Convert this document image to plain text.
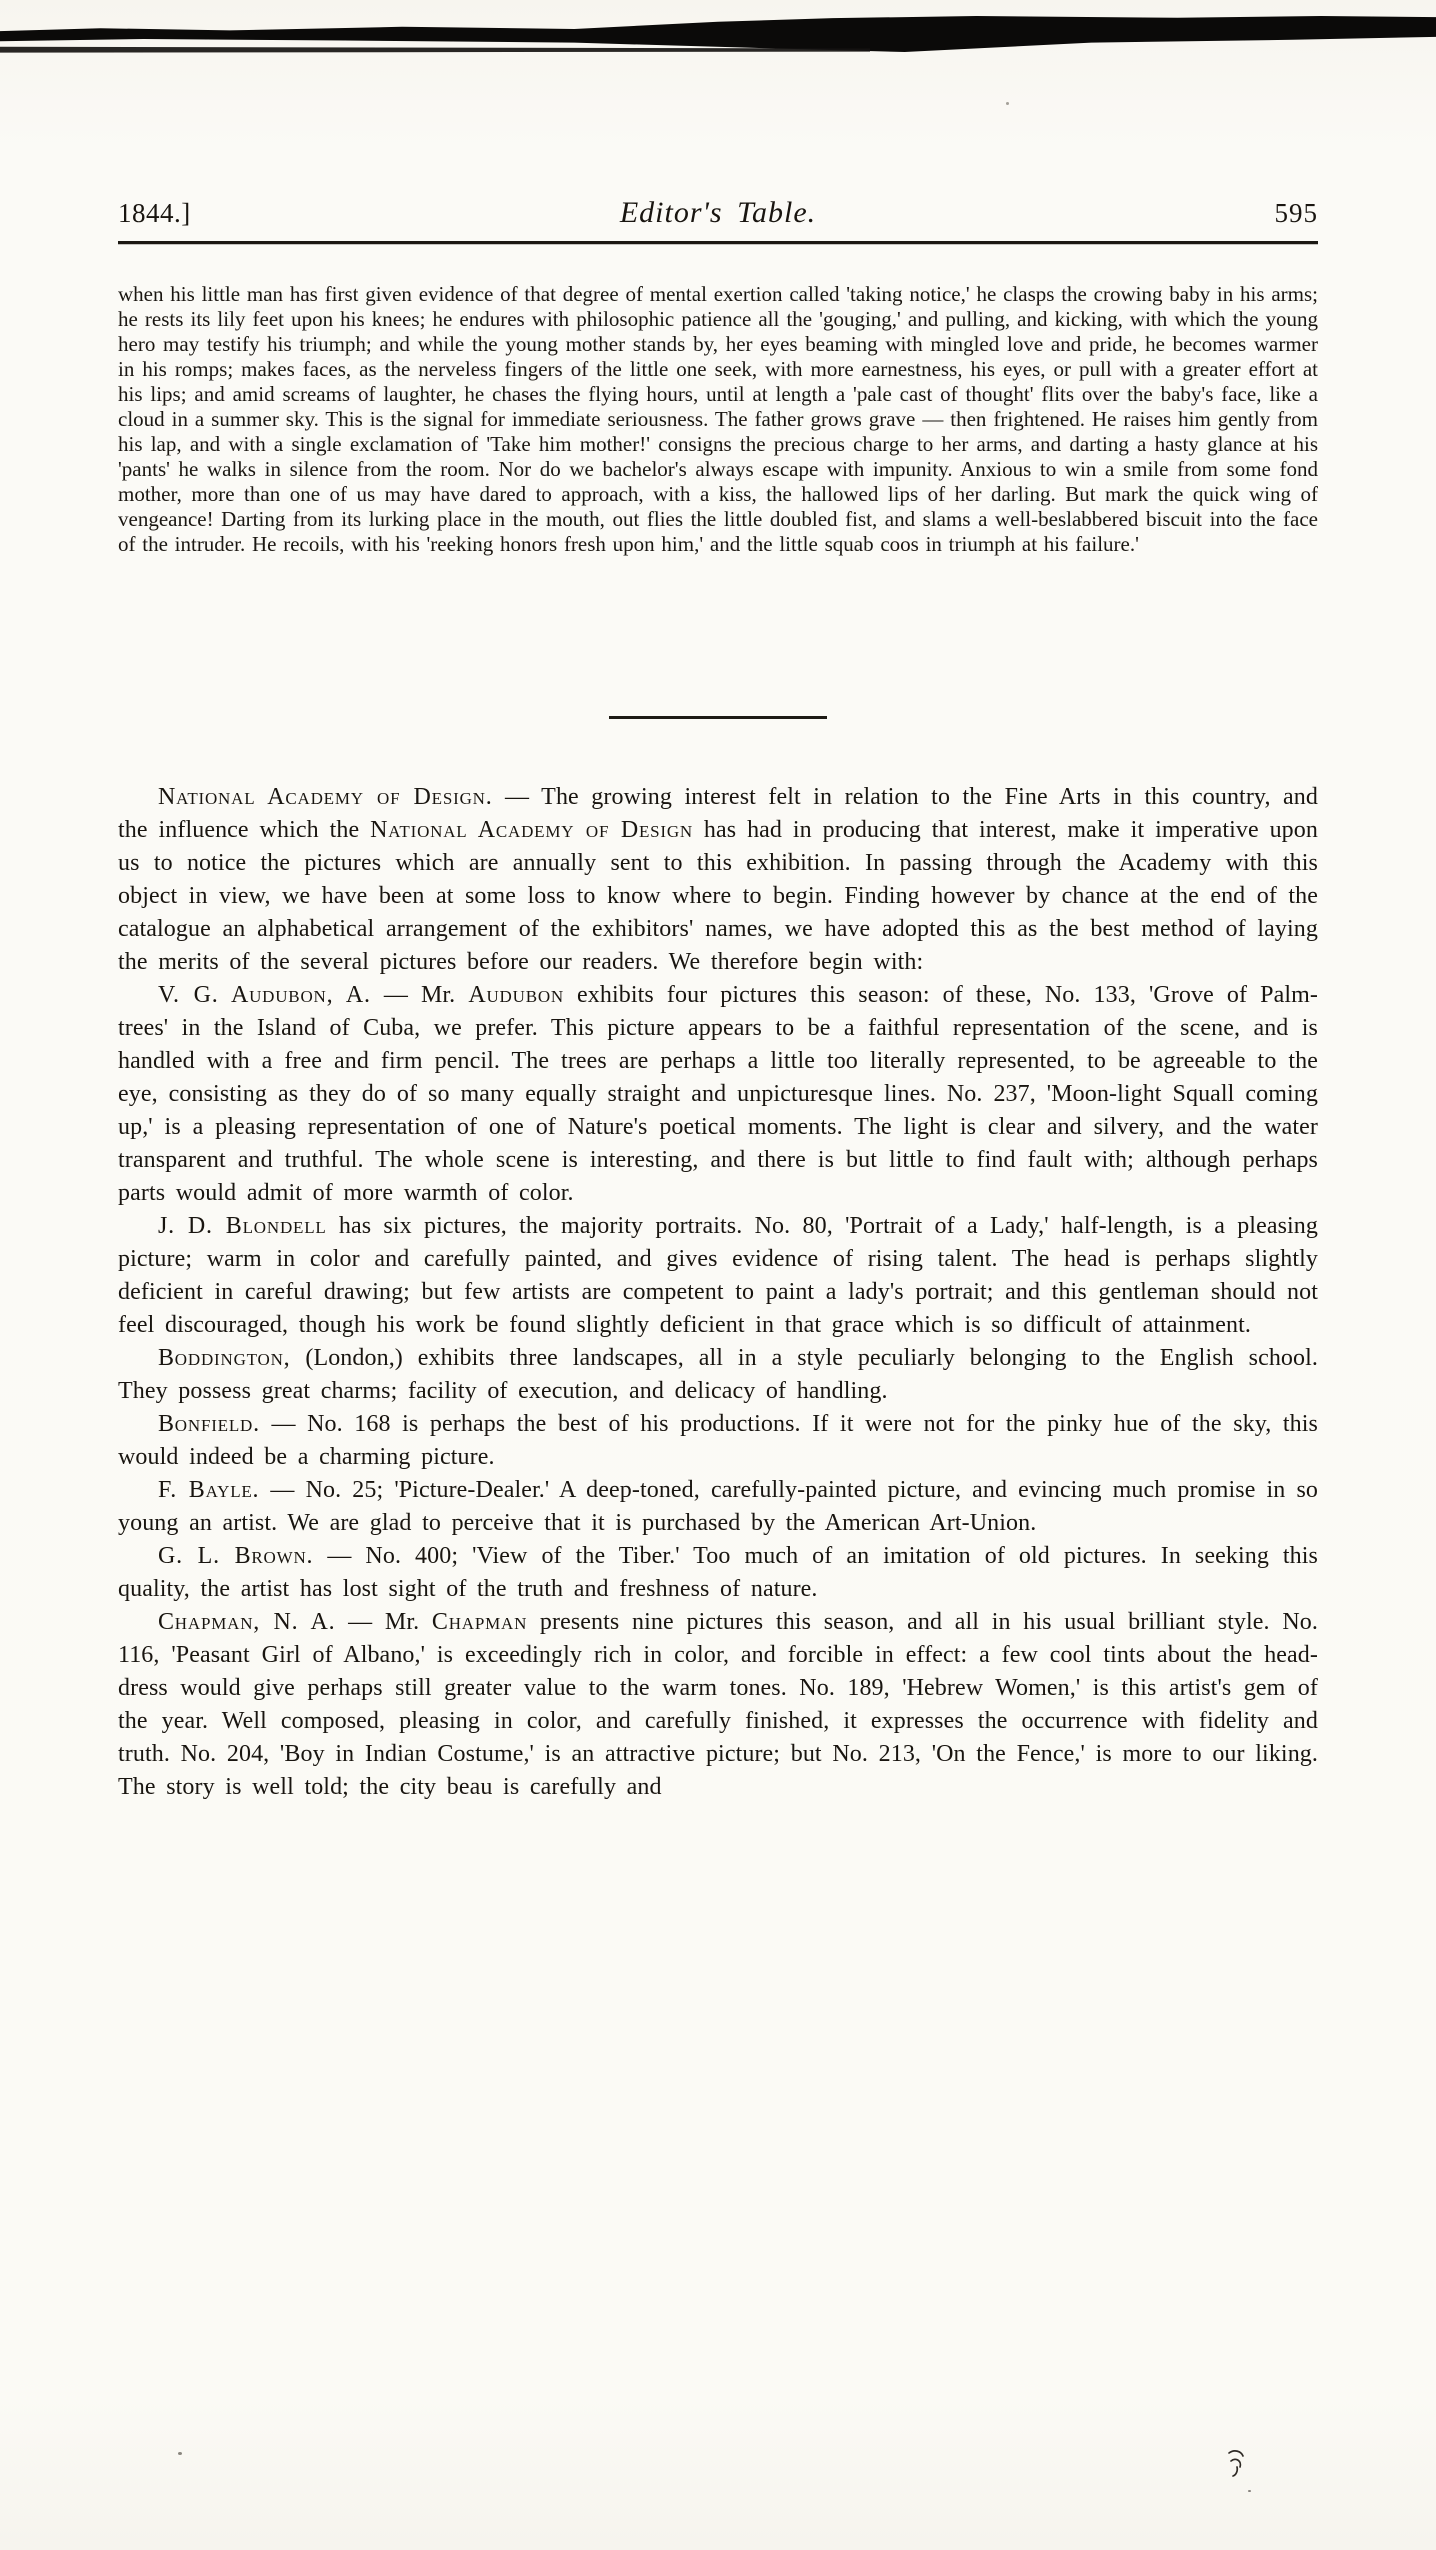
1844.]	Editor's Table.	595
when his little man has first given evidence of that degree of mental exertion called 'taking notice,' he clasps the crowing baby in his arms; he rests its lily feet upon his knees; he endures with philosophic patience all the 'gouging,' and pulling, and kicking, with which the young hero may testify his triumph; and while the young mother stands by, her eyes beaming with mingled love and pride, he becomes warmer in his romps; makes faces, as the nerveless fingers of the little one seek, with more earnestness, his eyes, or pull with a greater effort at his lips; and amid screams of laughter, he chases the flying hours, until at length a 'pale cast of thought' flits over the baby's face, like a cloud in a summer sky. This is the signal for immediate seriousness. The father grows grave — then frightened. He raises him gently from his lap, and with a single exclamation of 'Take him mother!' consigns the precious charge to her arms, and darting a hasty glance at his 'pants' he walks in silence from the room. Nor do we bachelor's always escape with impunity. Anxious to win a smile from some fond mother, more than one of us may have dared to approach, with a kiss, the hallowed lips of her darling. But mark the quick wing of vengeance! Darting from its lurking place in the mouth, out flies the little doubled fist, and slams a well-beslabbered biscuit into the face of the intruder. He recoils, with his 'reeking honors fresh upon him,' and the little squab coos in triumph at his failure.'

National Academy of Design. — The growing interest felt in relation to the Fine Arts in this country, and the influence which the National Academy of Design has had in producing that interest, make it imperative upon us to notice the pictures which are annually sent to this exhibition. In passing through the Academy with this object in view, we have been at some loss to know where to begin. Finding however by chance at the end of the catalogue an alphabetical arrangement of the exhibitors' names, we have adopted this as the best method of laying the merits of the several pictures before our readers. We therefore begin with:

V. G. Audubon, A. — Mr. Audubon exhibits four pictures this season: of these, No. 133, 'Grove of Palm-trees' in the Island of Cuba, we prefer. This picture appears to be a faithful representation of the scene, and is handled with a free and firm pencil. The trees are perhaps a little too literally represented, to be agreeable to the eye, consisting as they do of so many equally straight and unpicturesque lines. No. 237, 'Moon-light Squall coming up,' is a pleasing representation of one of Nature's poetical moments. The light is clear and silvery, and the water transparent and truthful. The whole scene is interesting, and there is but little to find fault with; although perhaps parts would admit of more warmth of color.

J. D. Blondell has six pictures, the majority portraits. No. 80, 'Portrait of a Lady,' half-length, is a pleasing picture; warm in color and carefully painted, and gives evidence of rising talent. The head is perhaps slightly deficient in careful drawing; but few artists are competent to paint a lady's portrait; and this gentleman should not feel discouraged, though his work be found slightly deficient in that grace which is so difficult of attainment.

Boddington, (London,) exhibits three landscapes, all in a style peculiarly belonging to the English school. They possess great charms; facility of execution, and delicacy of handling.

Bonfield. — No. 168 is perhaps the best of his productions. If it were not for the pinky hue of the sky, this would indeed be a charming picture.

F. Bayle. — No. 25; 'Picture-Dealer.' A deep-toned, carefully-painted picture, and evincing much promise in so young an artist. We are glad to perceive that it is purchased by the American Art-Union.

G. L. Brown. — No. 400; 'View of the Tiber.' Too much of an imitation of old pictures. In seeking this quality, the artist has lost sight of the truth and freshness of nature.

Chapman, N. A. — Mr. Chapman presents nine pictures this season, and all in his usual brilliant style. No. 116, 'Peasant Girl of Albano,' is exceedingly rich in color, and forcible in effect: a few cool tints about the head-dress would give perhaps still greater value to the warm tones. No. 189, 'Hebrew Women,' is this artist's gem of the year. Well composed, pleasing in color, and carefully finished, it expresses the occurrence with fidelity and truth. No. 204, 'Boy in Indian Costume,' is an attractive picture; but No. 213, 'On the Fence,' is more to our liking. The story is well told; the city beau is carefully and
